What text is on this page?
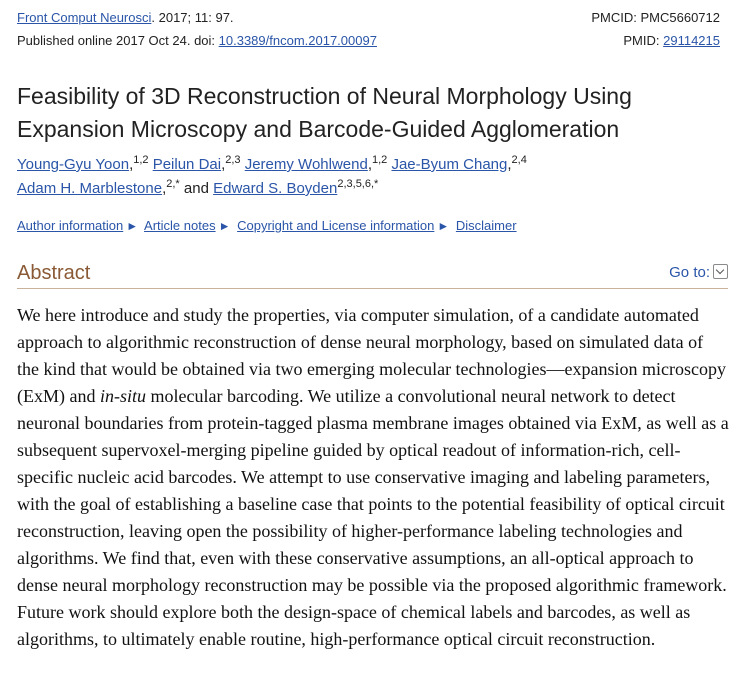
Front Comput Neurosci. 2017; 11: 97.	PMCID: PMC5660712
Published online 2017 Oct 24. doi: 10.3389/fncom.2017.00097	PMID: 29114215
Feasibility of 3D Reconstruction of Neural Morphology Using
Expansion Microscopy and Barcode-Guided Agglomeration
Young-Gyu Yoon,$^{1,2}$ Peilun Dai,$^{2,3}$ Jeremy Wohlwend,$^{1,2}$ Jae-Byum Chang,$^{2,4}$
Adam H. Marblestone,$^{2,*}$ and Edward S. Boyden$^{2,3,5,6,*}$
Author information ► Article notes ► Copyright and License information ► Disclaimer
Abstract	Go to:

We here introduce and study the properties, via computer simulation, of a candidate automated approach to algorithmic reconstruction of dense neural morphology, based on simulated data of the kind that would be obtained via two emerging molecular technologies—expansion microscopy (ExM) and in-situ molecular barcoding. We utilize a convolutional neural network to detect neuronal boundaries from protein-tagged plasma membrane images obtained via ExM, as well as a subsequent supervoxel-merging pipeline guided by optical readout of information-rich, cell-specific nucleic acid barcodes. We attempt to use conservative imaging and labeling parameters, with the goal of establishing a baseline case that points to the potential feasibility of optical circuit reconstruction, leaving open the possibility of higher-performance labeling technologies and algorithms. We find that, even with these conservative assumptions, an all-optical approach to dense neural morphology reconstruction may be possible via the proposed algorithmic framework. Future work should explore both the design-space of chemical labels and barcodes, as well as algorithms, to ultimately enable routine, high-performance optical circuit reconstruction.
